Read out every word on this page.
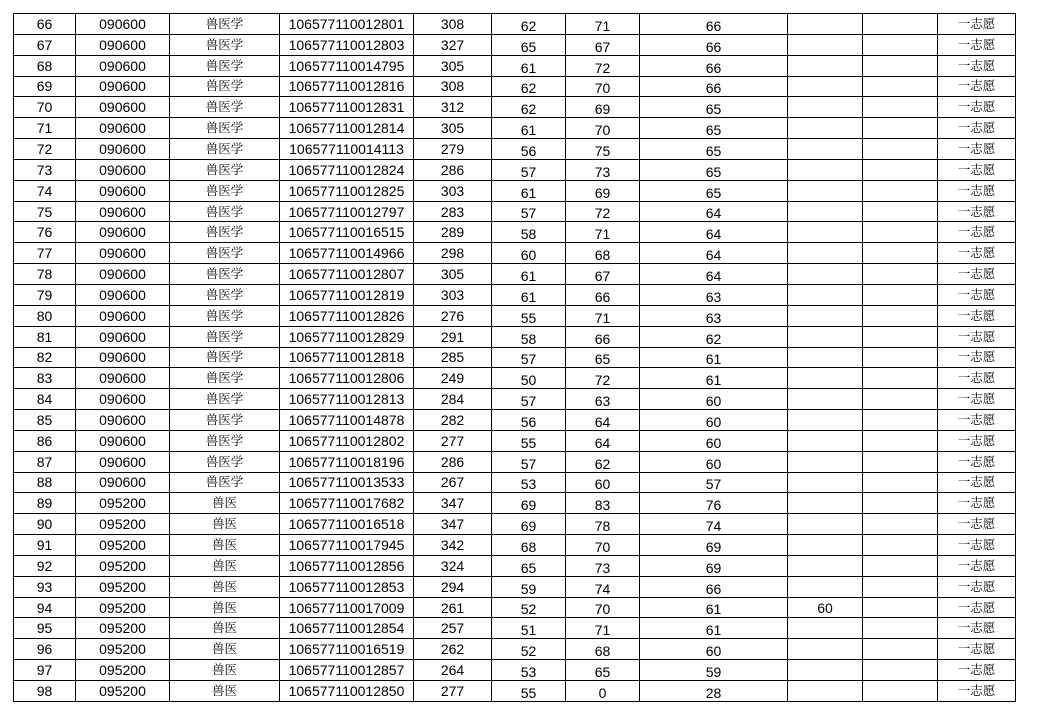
66	090600	兽医学	106577110012801	308	62	71	66			一志愿
67	090600	兽医学	106577110012803	327	65	67	66			一志愿
68	090600	兽医学	106577110014795	305	61	72	66			一志愿
69	090600	兽医学	106577110012816	308	62	70	66			一志愿
70	090600	兽医学	106577110012831	312	62	69	65			一志愿
71	090600	兽医学	106577110012814	305	61	70	65			一志愿
72	090600	兽医学	106577110014113	279	56	75	65			一志愿
73	090600	兽医学	106577110012824	286	57	73	65			一志愿
74	090600	兽医学	106577110012825	303	61	69	65			一志愿
75	090600	兽医学	106577110012797	283	57	72	64			一志愿
76	090600	兽医学	106577110016515	289	58	71	64			一志愿
77	090600	兽医学	106577110014966	298	60	68	64			一志愿
78	090600	兽医学	106577110012807	305	61	67	64			一志愿
79	090600	兽医学	106577110012819	303	61	66	63			一志愿
80	090600	兽医学	106577110012826	276	55	71	63			一志愿
81	090600	兽医学	106577110012829	291	58	66	62			一志愿
82	090600	兽医学	106577110012818	285	57	65	61			一志愿
83	090600	兽医学	106577110012806	249	50	72	61			一志愿
84	090600	兽医学	106577110012813	284	57	63	60			一志愿
85	090600	兽医学	106577110014878	282	56	64	60			一志愿
86	090600	兽医学	106577110012802	277	55	64	60			一志愿
87	090600	兽医学	106577110018196	286	57	62	60			一志愿
88	090600	兽医学	106577110013533	267	53	60	57			一志愿
89	095200	兽医	106577110017682	347	69	83	76			一志愿
90	095200	兽医	106577110016518	347	69	78	74			一志愿
91	095200	兽医	106577110017945	342	68	70	69			一志愿
92	095200	兽医	106577110012856	324	65	73	69			一志愿
93	095200	兽医	106577110012853	294	59	74	66			一志愿
94	095200	兽医	106577110017009	261	52	70	61	60		一志愿
95	095200	兽医	106577110012854	257	51	71	61			一志愿
96	095200	兽医	106577110016519	262	52	68	60			一志愿
97	095200	兽医	106577110012857	264	53	65	59			一志愿
98	095200	兽医	106577110012850	277	55	0	28			一志愿
